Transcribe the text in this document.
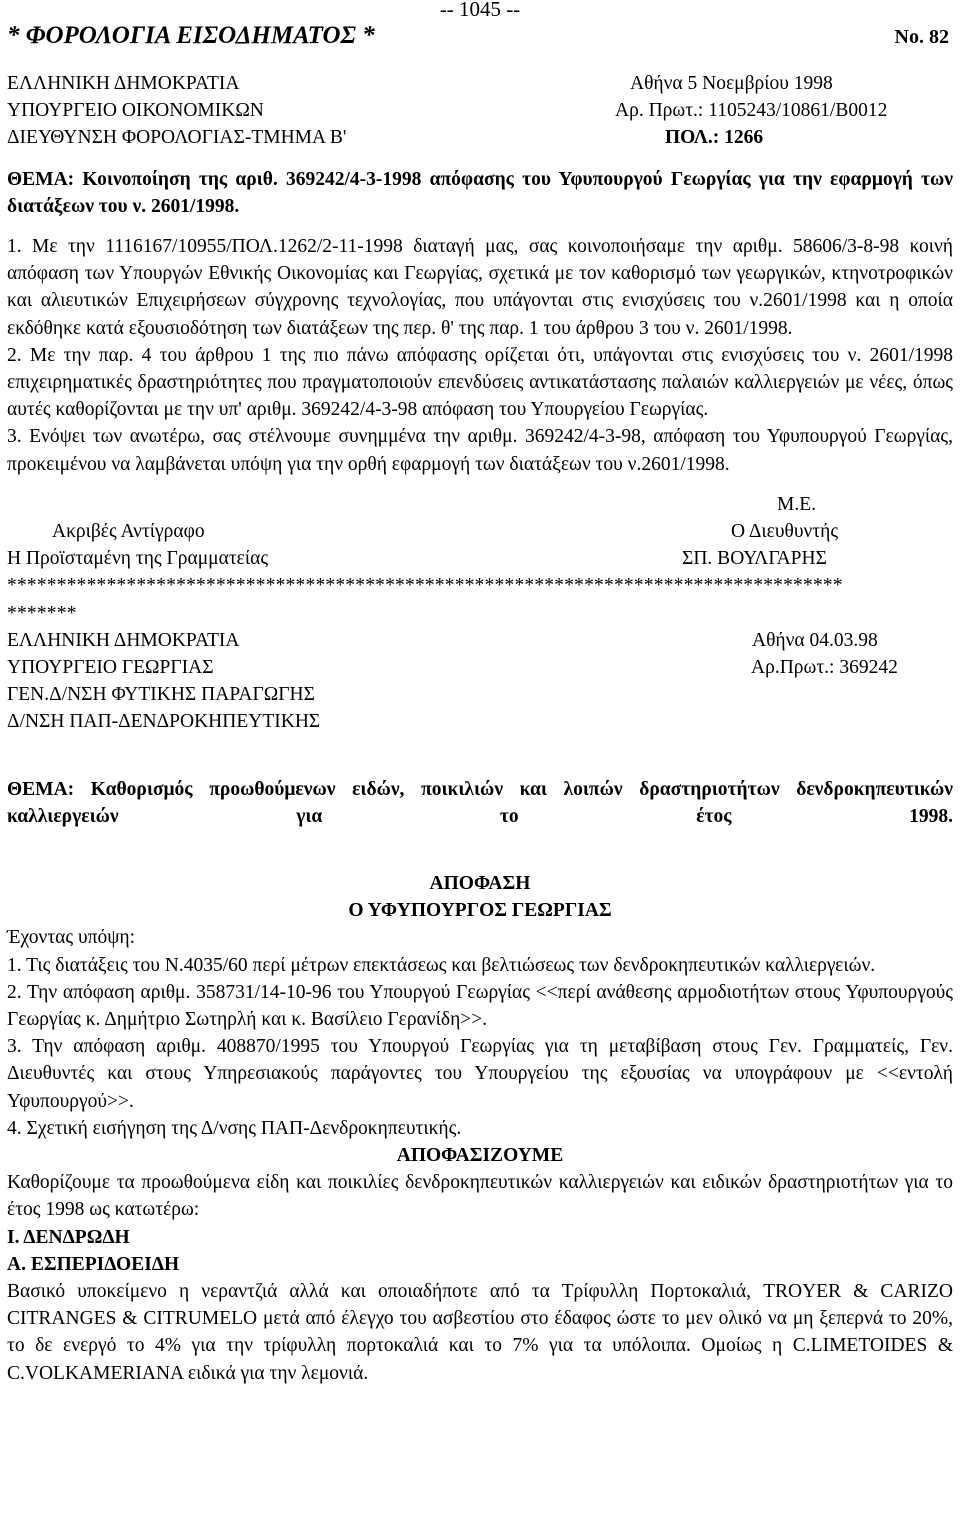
-- 1045 --
* ΦΟΡΟΛΟΓΙΑ ΕΙΣΟΔΗΜΑΤΟΣ *	No. 82
ΕΛΛΗΝΙΚΗ ΔΗΜΟΚΡΑΤΙΑ	Αθήνα 5 Νοεμβρίου 1998
ΥΠΟΥΡΓΕΙΟ ΟΙΚΟΝΟΜΙΚΩΝ	Αρ. Πρωτ.: 1105243/10861/Β0012
ΔΙΕΥΘΥΝΣΗ ΦΟΡΟΛΟΓΙΑΣ-ΤΜΗΜΑ Β'	ΠΟΛ.: 1266
ΘΕΜΑ: Κοινοποίηση της αριθ. 369242/4-3-1998 απόφασης του Υφυπουργού Γεωργίας για την εφαρμογή των διατάξεων του ν. 2601/1998.
1. Με την 1116167/10955/ΠΟΛ.1262/2-11-1998 διαταγή μας, σας κοινοποιήσαμε την αριθμ. 58606/3-8-98 κοινή απόφαση των Υπουργών Εθνικής Οικονομίας και Γεωργίας, σχετικά με τον καθορισμό των γεωργικών, κτηνοτροφικών και αλιευτικών Επιχειρήσεων σύγχρονης τεχνολογίας, που υπάγονται στις ενισχύσεις του ν.2601/1998 και η οποία εκδόθηκε κατά εξουσιοδότηση των διατάξεων της περ. θ' της παρ. 1 του άρθρου 3 του ν. 2601/1998.
2. Με την παρ. 4 του άρθρου 1 της πιο πάνω απόφασης ορίζεται ότι, υπάγονται στις ενισχύσεις του ν. 2601/1998 επιχειρηματικές δραστηριότητες που πραγματοποιούν επενδύσεις αντικατάστασης παλαιών καλλιεργειών με νέες, όπως αυτές καθορίζονται με την υπ' αριθμ. 369242/4-3-98 απόφαση του Υπουργείου Γεωργίας.
3. Ενόψει των ανωτέρω, σας στέλνουμε συνημμένα την αριθμ. 369242/4-3-98, απόφαση του Υφυπουργού Γεωργίας, προκειμένου να λαμβάνεται υπόψη για την ορθή εφαρμογή των διατάξεων του ν.2601/1998.
Μ.Ε.
Ακριβές Αντίγραφο	Ο Διευθυντής
Η Προϊσταμένη της Γραμματείας	ΣΠ. ΒΟΥΛΓΑΡΗΣ
************************************************************************************
*******
ΕΛΛΗΝΙΚΗ ΔΗΜΟΚΡΑΤΙΑ	Αθήνα 04.03.98
ΥΠΟΥΡΓΕΙΟ ΓΕΩΡΓΙΑΣ	Αρ.Πρωτ.: 369242
ΓΕΝ.Δ/ΝΣΗ ΦΥΤΙΚΗΣ ΠΑΡΑΓΩΓΗΣ
Δ/ΝΣΗ ΠΑΠ-ΔΕΝΔΡΟΚΗΠΕΥΤΙΚΗΣ
ΘΕΜΑ: Καθορισμός προωθούμενων ειδών, ποικιλιών και λοιπών δραστηριοτήτων δενδροκηπευτικών καλλιεργειών για το έτος 1998.
ΑΠΟΦΑΣΗ
Ο ΥΦΥΠΟΥΡΓΟΣ ΓΕΩΡΓΙΑΣ
Έχοντας υπόψη:
1. Τις διατάξεις του Ν.4035/60 περί μέτρων επεκτάσεως και βελτιώσεως των δενδροκηπευτικών καλλιεργειών.
2. Την απόφαση αριθμ. 358731/14-10-96 του Υπουργού Γεωργίας <<περί ανάθεσης αρμοδιοτήτων στους Υφυπουργούς Γεωργίας κ. Δημήτριο Σωτηρλή και κ. Βασίλειο Γερανίδη>>.
3. Την απόφαση αριθμ. 408870/1995 του Υπουργού Γεωργίας για τη μεταβίβαση στους Γεν. Γραμματείς, Γεν. Διευθυντές και στους Υπηρεσιακούς παράγοντες του Υπουργείου της εξουσίας να υπογράφουν με <<εντολή Υφυπουργού>>.
4. Σχετική εισήγηση της Δ/νσης ΠΑΠ-Δενδροκηπευτικής.
ΑΠΟΦΑΣΙΖΟΥΜΕ
Καθορίζουμε τα προωθούμενα είδη και ποικιλίες δενδροκηπευτικών καλλιεργειών και ειδικών δραστηριοτήτων για το έτος 1998 ως κατωτέρω:
Ι. ΔΕΝΔΡΩΔΗ
Α. ΕΣΠΕΡΙΔΟΕΙΔΗ
Βασικό υποκείμενο η νεραντζιά αλλά και οποιαδήποτε από τα Τρίφυλλη Πορτοκαλιά, TROYER & CARIZO CITRANGES & CITRUMELO μετά από έλεγχο του ασβεστίου στο έδαφος ώστε το μεν ολικό να μη ξεπερνά το 20%, το δε ενεργό το 4% για την τρίφυλλη πορτοκαλιά και το 7% για τα υπόλοιπα. Ομοίως η C.LIMETOIDES & C.VOLKAMERIANA ειδικά για την λεμονιά.
